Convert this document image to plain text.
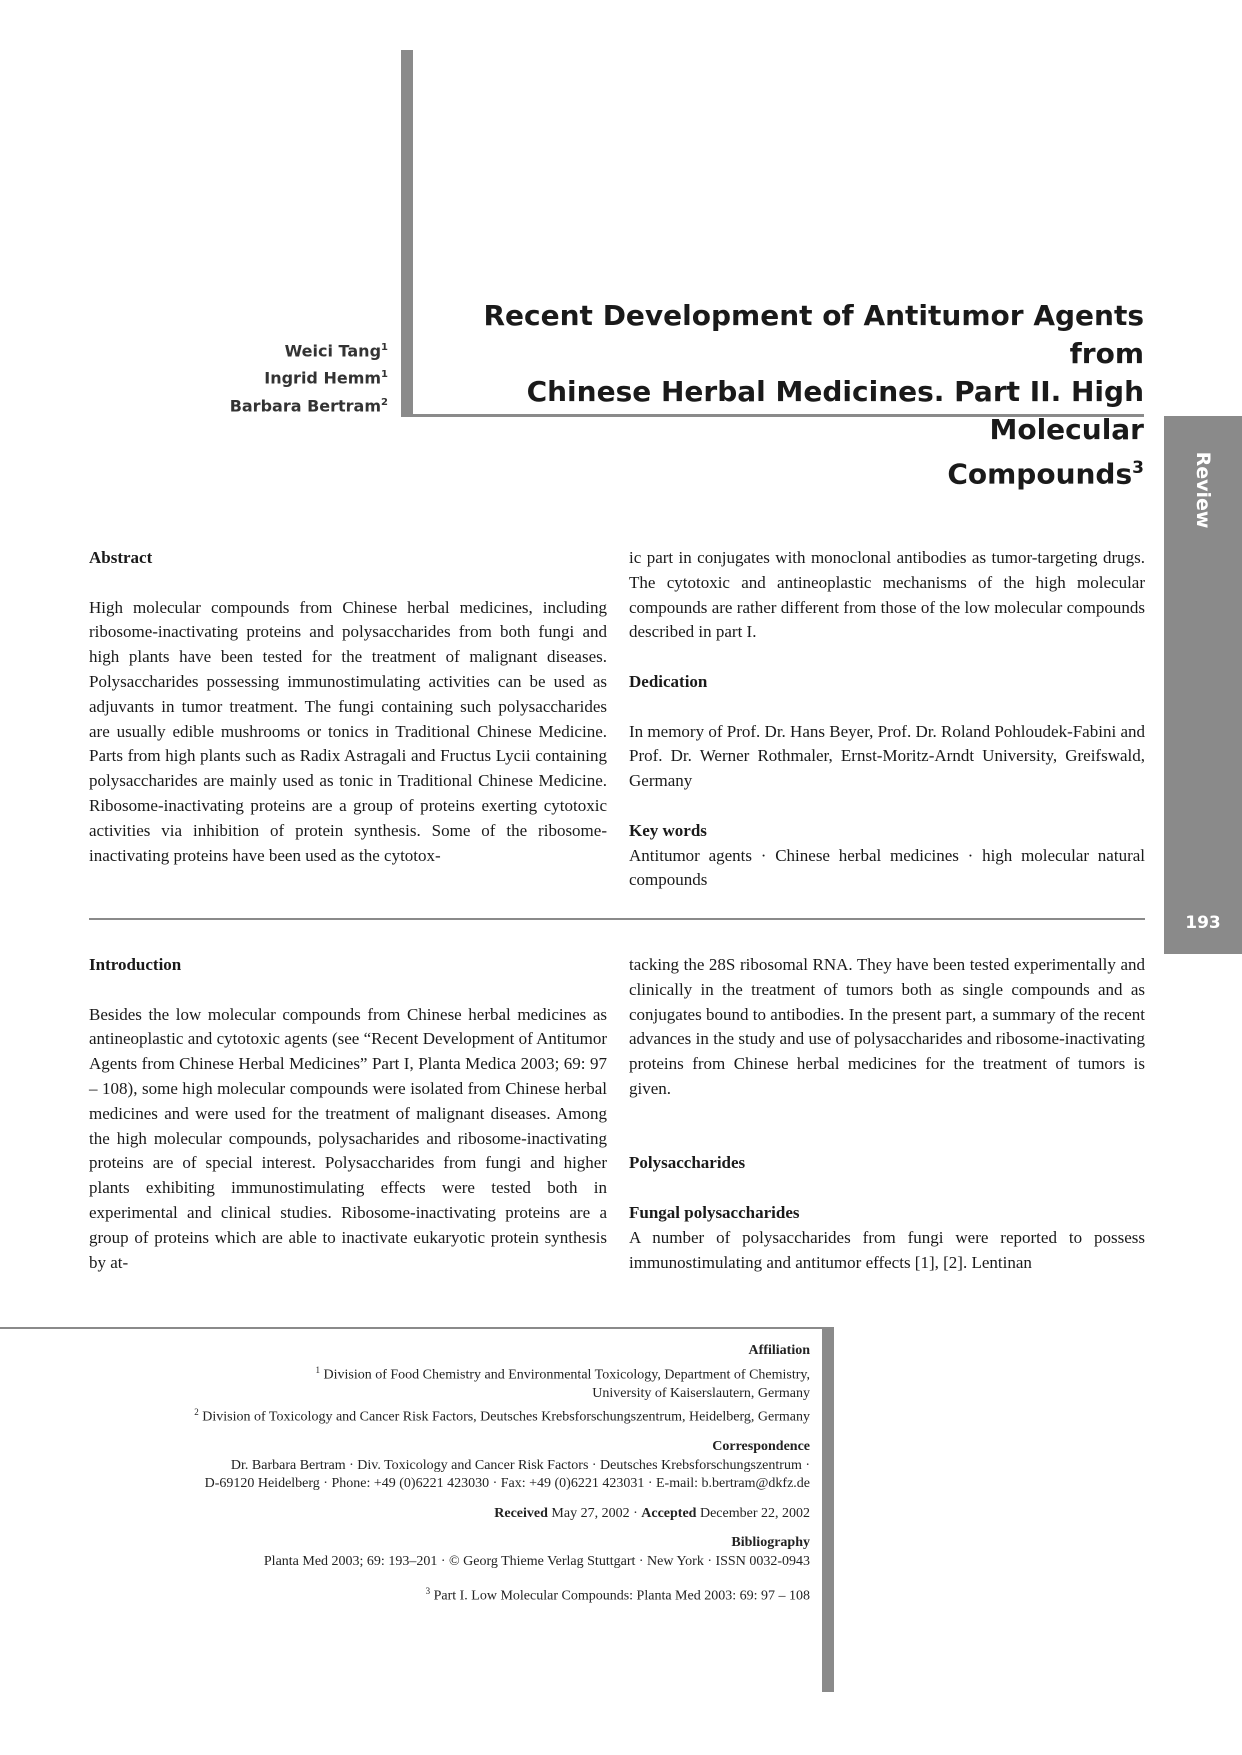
Weici Tang$^1$
Ingrid Hemm$^1$
Barbara Bertram$^2$
Recent Development of Antitumor Agents from
Chinese Herbal Medicines. Part II. High Molecular
Compounds$^3$	Review
193

Abstract

High molecular compounds from Chinese herbal medicines, including ribosome-inactivating proteins and polysaccharides from both fungi and high plants have been tested for the treatment of malignant diseases. Polysaccharides possessing immunostimulating activities can be used as adjuvants in tumor treatment. The fungi containing such polysaccharides are usually edible mushrooms or tonics in Traditional Chinese Medicine. Parts from high plants such as Radix Astragali and Fructus Lycii containing polysaccharides are mainly used as tonic in Traditional Chinese Medicine. Ribosome-inactivating proteins are a group of proteins exerting cytotoxic activities via inhibition of protein synthesis. Some of the ribosome-inactivating proteins have been used as the cytotox-

ic part in conjugates with monoclonal antibodies as tumor-targeting drugs. The cytotoxic and antineoplastic mechanisms of the high molecular compounds are rather different from those of the low molecular compounds described in part I.

Dedication

In memory of Prof. Dr. Hans Beyer, Prof. Dr. Roland Pohloudek-Fabini and Prof. Dr. Werner Rothmaler, Ernst-Moritz-Arndt University, Greifswald, Germany

Key words

Antitumor agents · Chinese herbal medicines · high molecular natural compounds

Introduction

Besides the low molecular compounds from Chinese herbal medicines as antineoplastic and cytotoxic agents (see “Recent Development of Antitumor Agents from Chinese Herbal Medicines” Part I, Planta Medica 2003; 69: 97 – 108), some high molecular compounds were isolated from Chinese herbal medicines and were used for the treatment of malignant diseases. Among the high molecular compounds, polysacharides and ribosome-inactivating proteins are of special interest. Polysaccharides from fungi and higher plants exhibiting immunostimulating effects were tested both in experimental and clinical studies. Ribosome-inactivating proteins are a group of proteins which are able to inactivate eukaryotic protein synthesis by at-

tacking the 28S ribosomal RNA. They have been tested experimentally and clinically in the treatment of tumors both as single compounds and as conjugates bound to antibodies. In the present part, a summary of the recent advances in the study and use of polysaccharides and ribosome-inactivating proteins from Chinese herbal medicines for the treatment of tumors is given.

Polysaccharides

Fungal polysaccharides

A number of polysaccharides from fungi were reported to possess immunostimulating and antitumor effects [1], [2]. Lentinan

Affiliation
$^1$ Division of Food Chemistry and Environmental Toxicology, Department of Chemistry,
University of Kaiserslautern, Germany
$^2$ Division of Toxicology and Cancer Risk Factors, Deutsches Krebsforschungszentrum, Heidelberg, Germany
Correspondence
Dr. Barbara Bertram · Div. Toxicology and Cancer Risk Factors · Deutsches Krebsforschungszentrum ·
D-69120 Heidelberg · Phone: +49 (0)6221 423030 · Fax: +49 (0)6221 423031 · E-mail: b.bertram@dkfz.de
Received May 27, 2002 · Accepted December 22, 2002
Bibliography
Planta Med 2003; 69: 193–201 · © Georg Thieme Verlag Stuttgart · New York · ISSN 0032-0943
$^3$ Part I. Low Molecular Compounds: Planta Med 2003: 69: 97 – 108
